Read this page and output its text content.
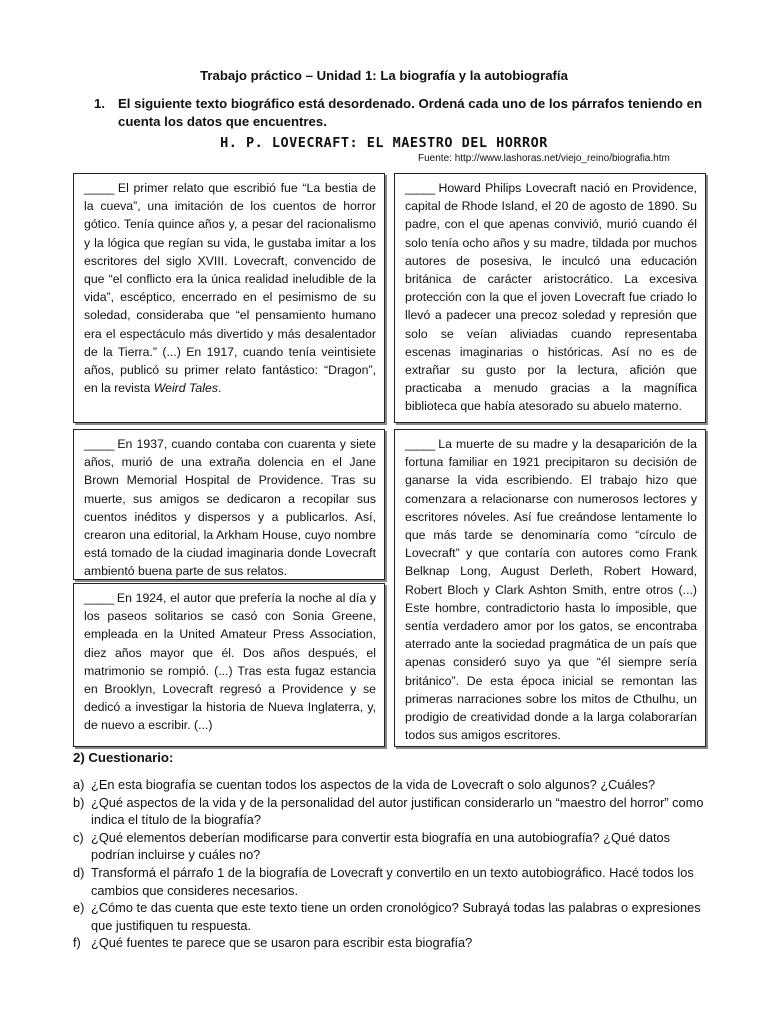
Trabajo práctico – Unidad 1: La biografía y la autobiografía
1. El siguiente texto biográfico está desordenado. Ordená cada uno de los párrafos teniendo en cuenta los datos que encuentres.
H. P. LOVECRAFT: EL MAESTRO DEL HORROR
Fuente: http://www.lashoras.net/viejo_reino/biografia.htm
_____ El primer relato que escribió fue “La bestia de la cueva”, una imitación de los cuentos de horror gótico. Tenía quince años y, a pesar del racionalismo y la lógica que regían su vida, le gustaba imitar a los escritores del siglo XVIII. Lovecraft, convencido de que “el conflicto era la única realidad ineludible de la vida”, escéptico, encerrado en el pesimismo de su soledad, consideraba que “el pensamiento humano era el espectáculo más divertido y más desalentador de la Tierra.” (...) En 1917, cuando tenía veintisiete años, publicó su primer relato fantástico: “Dragon”, en la revista Weird Tales.
_____ Howard Philips Lovecraft nació en Providence, capital de Rhode Island, el 20 de agosto de 1890. Su padre, con el que apenas convivió, murió cuando él solo tenía ocho años y su madre, tildada por muchos autores de posesiva, le inculcó una educación británica de carácter aristocrático. La excesiva protección con la que el joven Lovecraft fue criado lo llevó a padecer una precoz soledad y represión que solo se veían aliviadas cuando representaba escenas imaginarias o históricas. Así no es de extrañar su gusto por la lectura, afición que practicaba a menudo gracias a la magnífica biblioteca que había atesorado su abuelo materno.
_____ En 1937, cuando contaba con cuarenta y siete años, murió de una extraña dolencia en el Jane Brown Memorial Hospital de Providence. Tras su muerte, sus amigos se dedicaron a recopilar sus cuentos inéditos y dispersos y a publicarlos. Así, crearon una editorial, la Arkham House, cuyo nombre está tomado de la ciudad imaginaria donde Lovecraft ambientó buena parte de sus relatos.
_____ La muerte de su madre y la desaparición de la fortuna familiar en 1921 precipitaron su decisión de ganarse la vida escribiendo. El trabajo hizo que comenzara a relacionarse con numerosos lectores y escritores nóveles. Así fue creándose lentamente lo que más tarde se denominaría como “círculo de Lovecraft” y que contaría con autores como Frank Belknap Long, August Derleth, Robert Howard, Robert Bloch y Clark Ashton Smith, entre otros (...) Este hombre, contradictorio hasta lo imposible, que sentía verdadero amor por los gatos, se encontraba aterrado ante la sociedad pragmática de un país que apenas consideró suyo ya que “él siempre sería británico”. De esta época inicial se remontan las primeras narraciones sobre los mitos de Cthulhu, un prodigio de creatividad donde a la larga colaborarían todos sus amigos escritores.
_____ En 1924, el autor que prefería la noche al día y los paseos solitarios se casó con Sonia Greene, empleada en la United Amateur Press Association, diez años mayor que él. Dos años después, el matrimonio se rompió. (...) Tras esta fugaz estancia en Brooklyn, Lovecraft regresó a Providence y se dedicó a investigar la historia de Nueva Inglaterra, y, de nuevo a escribir. (...)
2) Cuestionario:
a) ¿En esta biografía se cuentan todos los aspectos de la vida de Lovecraft o solo algunos? ¿Cuáles?
b) ¿Qué aspectos de la vida y de la personalidad del autor justifican considerarlo un “maestro del horror” como indica el título de la biografía?
c) ¿Qué elementos deberían modificarse para convertir esta biografía en una autobiografía? ¿Qué datos podrían incluirse y cuáles no?
d) Transformá el párrafo 1 de la biografía de Lovecraft y convertilo en un texto autobiográfico. Hacé todos los cambios que consideres necesarios.
e) ¿Cómo te das cuenta que este texto tiene un orden cronológico? Subrayá todas las palabras o expresiones que justifiquen tu respuesta.
f) ¿Qué fuentes te parece que se usaron para escribir esta biografía?
